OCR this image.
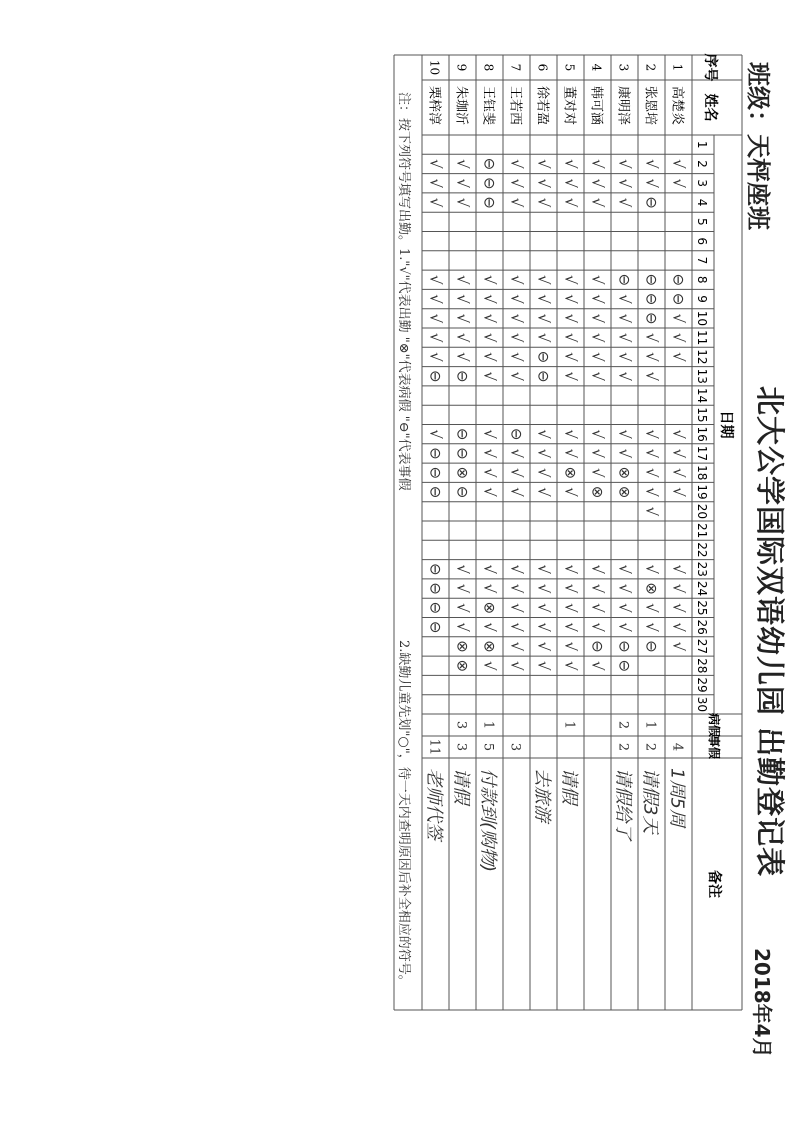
北大公学国际双语幼儿园 出勤登记表
班级：天枰座班
2018年4月
序号
姓名
日期
病假
事假
备注
1
2
3
4
5
6
7
8
9
10
11
12
13
14
15
16
17
18
19
20
21
22
23
24
25
26
27
28
29
30
1
高楚炎
√
√
⊖
⊖
√
√
√
√
√
√
√
√
√
√
√
√
4
1周5周
2
张恩培
√
√
⊖
⊖
⊖
⊖
√
√
√
√
√
√
√
√
√
⊗
√
√
⊖
1
2
请假3天
3
康明泽
√
√
√
⊖
√
√
√
√
√
√
√
⊗
⊗
√
√
√
√
⊖
⊖
2
2
请假给了
4
韩可涵
√
√
√
√
√
√
√
√
√
√
√
√
⊗
√
√
√
√
⊖
√
5
董对对
√
√
√
√
√
√
√
√
√
√
√
⊗
√
√
√
√
√
√
√
1
请假
6
徐若盈
√
√
√
√
√
√
√
⊖
⊖
√
√
√
√
√
√
√
√
√
√
去旅游
7
王若西
√
√
√
√
√
√
√
√
√
⊖
√
√
√
√
√
√
√
√
√
3
8
王钰斐
⊖
⊖
⊖
√
√
√
√
√
√
√
√
√
√
√
√
⊗
√
⊗
√
1
5
付款到(购物)
9
朱珈沂
√
√
√
√
√
√
√
√
⊖
⊖
⊖
⊗
⊖
√
√
√
√
⊗
⊗
3
3
请假
10
栗梓淳
√
√
√
√
√
√
√
√
⊖
√
⊖
⊖
⊖
⊖
⊖
⊖
⊖
11
老师代签
注：按下列符号填写出勤。1."√"代表出勤 "⊗"代表病假 "⊖"代表事假
2.缺勤儿童先划"○"，待一天内查明原因后补全相应的符号。
